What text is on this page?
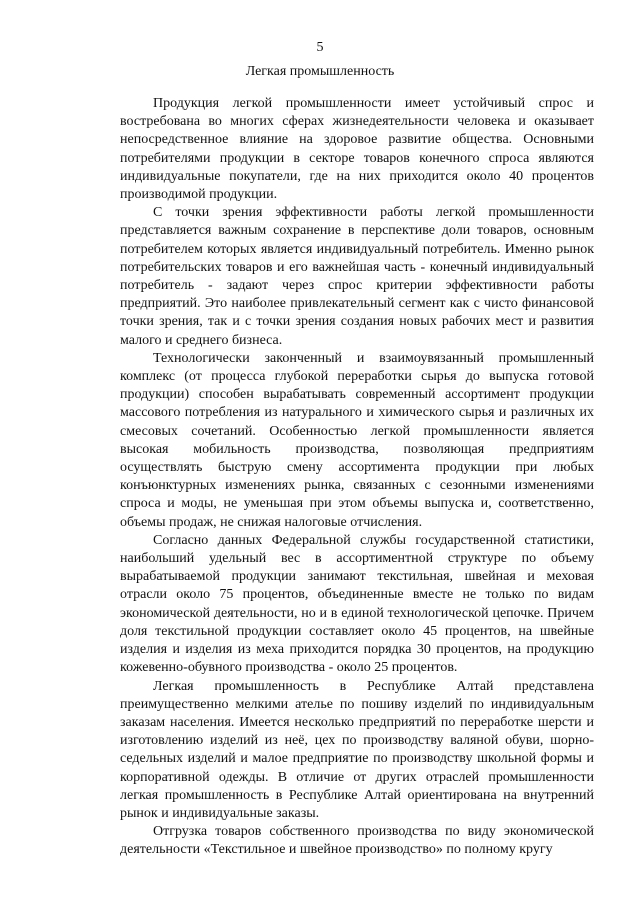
5
Легкая промышленность

Продукция легкой промышленности имеет устойчивый спрос и востребована во многих сферах жизнедеятельности человека и оказывает непосредственное влияние на здоровое развитие общества. Основными потребителями продукции в секторе товаров конечного спроса являются индивидуальные покупатели, где на них приходится около 40 процентов производимой продукции.

С точки зрения эффективности работы легкой промышленности представляется важным сохранение в перспективе доли товаров, основным потребителем которых является индивидуальный потребитель. Именно рынок потребительских товаров и его важнейшая часть - конечный индивидуальный потребитель - задают через спрос критерии эффективности работы предприятий. Это наиболее привлекательный сегмент как с чисто финансовой точки зрения, так и с точки зрения создания новых рабочих мест и развития малого и среднего бизнеса.

Технологически законченный и взаимоувязанный промышленный комплекс (от процесса глубокой переработки сырья до выпуска готовой продукции) способен вырабатывать современный ассортимент продукции массового потребления из натурального и химического сырья и различных их смесовых сочетаний. Особенностью легкой промышленности является высокая мобильность производства, позволяющая предприятиям осуществлять быструю смену ассортимента продукции при любых конъюнктурных изменениях рынка, связанных с сезонными изменениями спроса и моды, не уменьшая при этом объемы выпуска и, соответственно, объемы продаж, не снижая налоговые отчисления.

Согласно данных Федеральной службы государственной статистики, наибольший удельный вес в ассортиментной структуре по объему вырабатываемой продукции занимают текстильная, швейная и меховая отрасли около 75 процентов, объединенные вместе не только по видам экономической деятельности, но и в единой технологической цепочке. Причем доля текстильной продукции составляет около 45 процентов, на швейные изделия и изделия из меха приходится порядка 30 процентов, на продукцию кожевенно-обувного производства - около 25 процентов.

Легкая промышленность в Республике Алтай представлена преимущественно мелкими ателье по пошиву изделий по индивидуальным заказам населения. Имеется несколько предприятий по переработке шерсти и изготовлению изделий из неё, цех по производству валяной обуви, шорно-седельных изделий и малое предприятие по производству школьной формы и корпоративной одежды. В отличие от других отраслей промышленности легкая промышленность в Республике Алтай ориентирована на внутренний рынок и индивидуальные заказы.

Отгрузка товаров собственного производства по виду экономической деятельности «Текстильное и швейное производство» по полному кругу
